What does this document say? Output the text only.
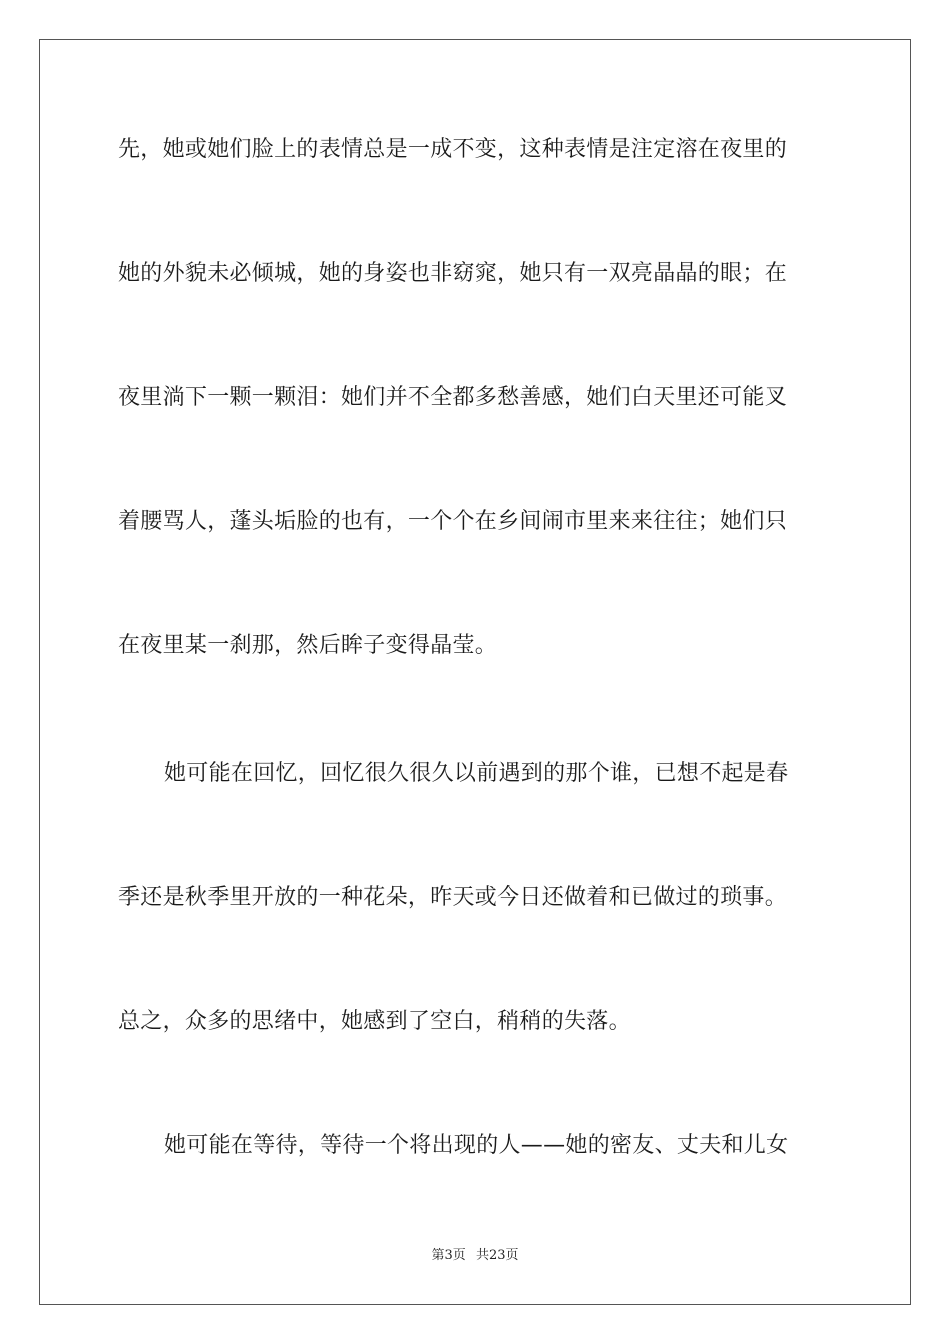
先，她或她们脸上的表情总是一成不变，这种表情是注定溶在夜里的

她的外貌未必倾城，她的身姿也非窈窕，她只有一双亮晶晶的眼；在

夜里淌下一颗一颗泪：她们并不全都多愁善感，她们白天里还可能叉

着腰骂人，蓬头垢脸的也有，一个个在乡间闹市里来来往往；她们只

在夜里某一刹那，然后眸子变得晶莹。

她可能在回忆，回忆很久很久以前遇到的那个谁，已想不起是春

季还是秋季里开放的一种花朵，昨天或今日还做着和已做过的琐事。

总之，众多的思绪中，她感到了空白，稍稍的失落。

她可能在等待，等待一个将出现的人——她的密友、丈夫和儿女

第3页 共23页
